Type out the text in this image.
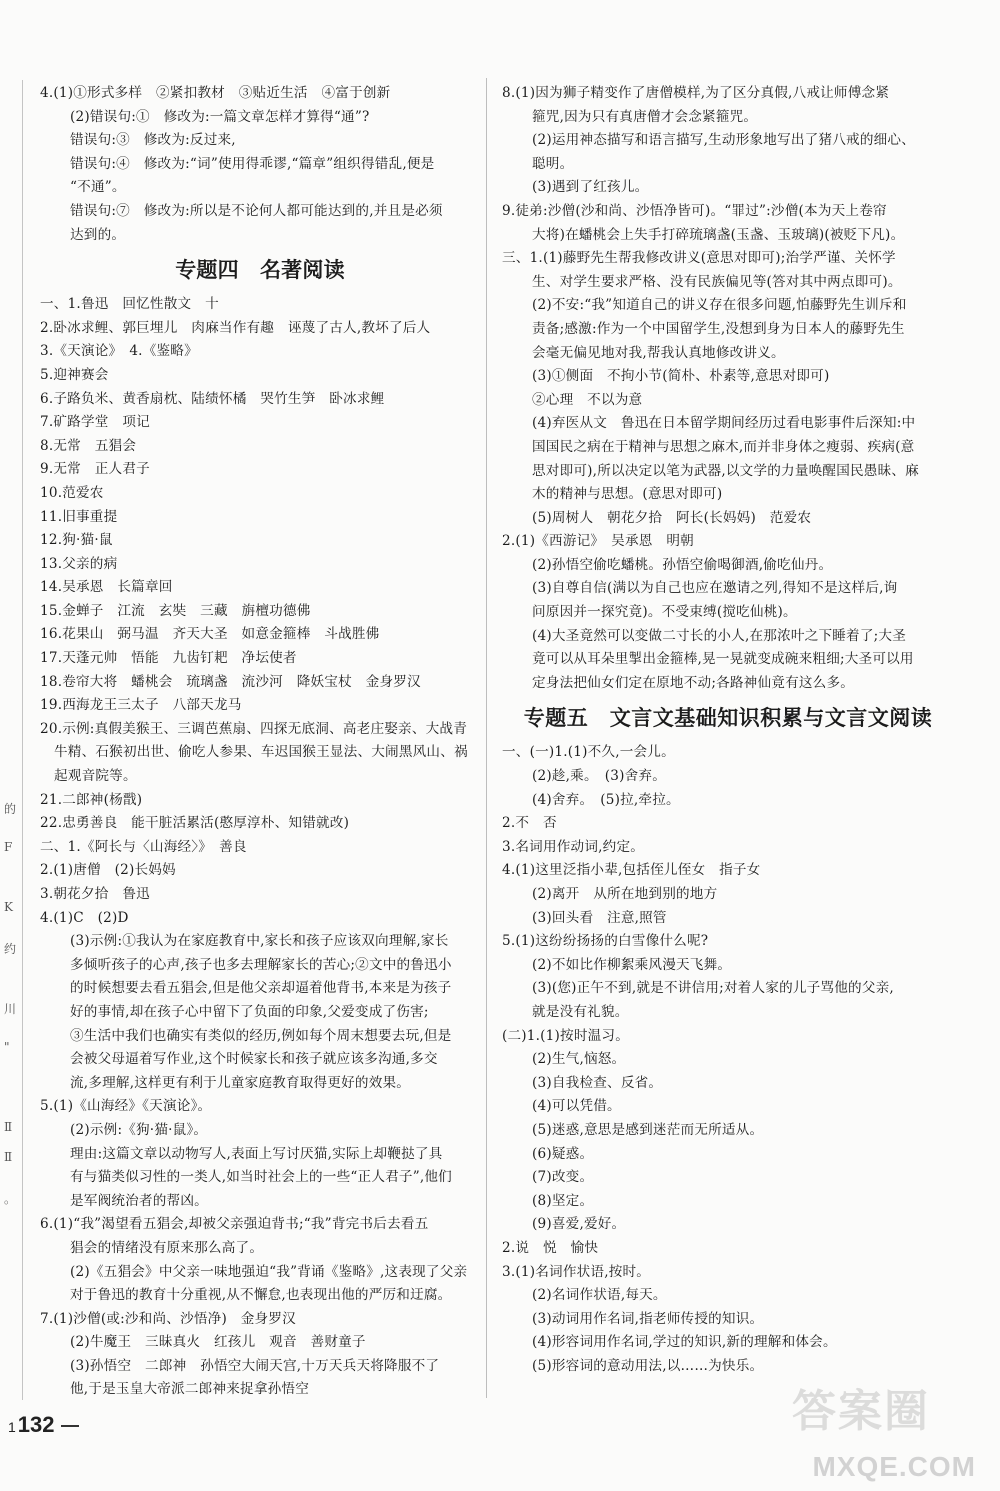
的
F
K
约
川
"
Ⅱ
Ⅱ
。
4.(1)①形式多样　②紧扣教材　③贴近生活　④富于创新
(2)错误句:①　修改为:一篇文章怎样才算得“通”?
错误句:③　修改为:反过来,
错误句:④　修改为:“词”使用得乖谬,“篇章”组织得错乱,便是
“不通”。
错误句:⑦　修改为:所以是不论何人都可能达到的,并且是必须
达到的。
专题四　名著阅读
一、1.鲁迅　回忆性散文　十
2.卧冰求鲤、郭巨埋儿　肉麻当作有趣　诬蔑了古人,教坏了后人
3.《天演论》　4.《鉴略》
5.迎神赛会
6.子路负米、黄香扇枕、陆绩怀橘　哭竹生笋　卧冰求鲤
7.矿路学堂　项记
8.无常　五猖会
9.无常　正人君子
10.范爱农
11.旧事重提
12.狗·猫·鼠
13.父亲的病
14.吴承恩　长篇章回
15.金蝉子　江流　玄奘　三藏　旃檀功德佛
16.花果山　弼马温　齐天大圣　如意金箍棒　斗战胜佛
17.天蓬元帅　悟能　九齿钉耙　净坛使者
18.卷帘大将　蟠桃会　琉璃盏　流沙河　降妖宝杖　金身罗汉
19.西海龙王三太子　八部天龙马
20.示例:真假美猴王、三调芭蕉扇、四探无底洞、高老庄娶亲、大战青
牛精、石猴初出世、偷吃人参果、车迟国猴王显法、大闹黑风山、祸
起观音院等。
21.二郎神(杨戬)
22.忠勇善良　能干脏活累活(憨厚淳朴、知错就改)
二、1.《阿长与〈山海经〉》　善良
2.(1)唐僧　(2)长妈妈
3.朝花夕拾　鲁迅
4.(1)C　(2)D
(3)示例:①我认为在家庭教育中,家长和孩子应该双向理解,家长
多倾听孩子的心声,孩子也多去理解家长的苦心;②文中的鲁迅小
的时候想要去看五猖会,但是他父亲却逼着他背书,本来是为孩子
好的事情,却在孩子心中留下了负面的印象,父爱变成了伤害;
③生活中我们也确实有类似的经历,例如每个周末想要去玩,但是
会被父母逼着写作业,这个时候家长和孩子就应该多沟通,多交
流,多理解,这样更有利于儿童家庭教育取得更好的效果。
5.(1)《山海经》《天演论》。
(2)示例:《狗·猫·鼠》。
理由:这篇文章以动物写人,表面上写讨厌猫,实际上却鞭挞了具
有与猫类似习性的一类人,如当时社会上的一些“正人君子”,他们
是军阀统治者的帮凶。
6.(1)“我”渴望看五猖会,却被父亲强迫背书;“我”背完书后去看五
猖会的情绪没有原来那么高了。
(2)《五猖会》中父亲一味地强迫“我”背诵《鉴略》,这表现了父亲
对于鲁迅的教育十分重视,从不懈怠,也表现出他的严厉和迂腐。
7.(1)沙僧(或:沙和尚、沙悟净)　金身罗汉
(2)牛魔王　三昧真火　红孩儿　观音　善财童子
(3)孙悟空　二郎神　孙悟空大闹天宫,十万天兵天将降服不了
他,于是玉皇大帝派二郎神来捉拿孙悟空
8.(1)因为狮子精变作了唐僧模样,为了区分真假,八戒让师傅念紧
箍咒,因为只有真唐僧才会念紧箍咒。
(2)运用神态描写和语言描写,生动形象地写出了猪八戒的细心、
聪明。
(3)遇到了红孩儿。
9.徒弟:沙僧(沙和尚、沙悟净皆可)。“罪过”:沙僧(本为天上卷帘
大将)在蟠桃会上失手打碎琉璃盏(玉盏、玉玻璃)(被贬下凡)。
三、1.(1)藤野先生帮我修改讲义(意思对即可);治学严谨、关怀学
生、对学生要求严格、没有民族偏见等(答对其中两点即可)。
(2)不安:“我”知道自己的讲义存在很多问题,怕藤野先生训斥和
责备;感激:作为一个中国留学生,没想到身为日本人的藤野先生
会毫无偏见地对我,帮我认真地修改讲义。
(3)①侧面　不拘小节(简朴、朴素等,意思对即可)
②心理　不以为意
(4)弃医从文　鲁迅在日本留学期间经历过看电影事件后深知:中
国国民之病在于精神与思想之麻木,而并非身体之瘦弱、疾病(意
思对即可),所以决定以笔为武器,以文学的力量唤醒国民愚昧、麻
木的精神与思想。(意思对即可)
(5)周树人　朝花夕拾　阿长(长妈妈)　范爱农
2.(1)《西游记》　吴承恩　明朝
(2)孙悟空偷吃蟠桃。孙悟空偷喝御酒,偷吃仙丹。
(3)自尊自信(满以为自己也应在邀请之列,得知不是这样后,询
问原因并一探究竟)。不受束缚(搅吃仙桃)。
(4)大圣竟然可以变做二寸长的小人,在那浓叶之下睡着了;大圣
竟可以从耳朵里掣出金箍棒,晃一晃就变成碗来粗细;大圣可以用
定身法把仙女们定在原地不动;各路神仙竟有这么多。
专题五　文言文基础知识积累与文言文阅读
一、(一)1.(1)不久,一会儿。
(2)趁,乘。　(3)舍弃。
(4)舍弃。　(5)拉,牵拉。
2.不　否
3.名词用作动词,约定。
4.(1)这里泛指小辈,包括侄儿侄女　指子女
(2)离开　从所在地到别的地方
(3)回头看　注意,照管
5.(1)这纷纷扬扬的白雪像什么呢?
(2)不如比作柳絮乘风漫天飞舞。
(3)(您)正午不到,就是不讲信用;对着人家的儿子骂他的父亲,
就是没有礼貌。
(二)1.(1)按时温习。
(2)生气,恼怒。
(3)自我检查、反省。
(4)可以凭借。
(5)迷惑,意思是感到迷茫而无所适从。
(6)疑惑。
(7)改变。
(8)坚定。
(9)喜爱,爱好。
2.说　悦　愉快
3.(1)名词作状语,按时。
(2)名词作状语,每天。
(3)动词用作名词,指老师传授的知识。
(4)形容词用作名词,学过的知识,新的理解和体会。
(5)形容词的意动用法,以……为快乐。
1132	答案圈
MXQE.COM
